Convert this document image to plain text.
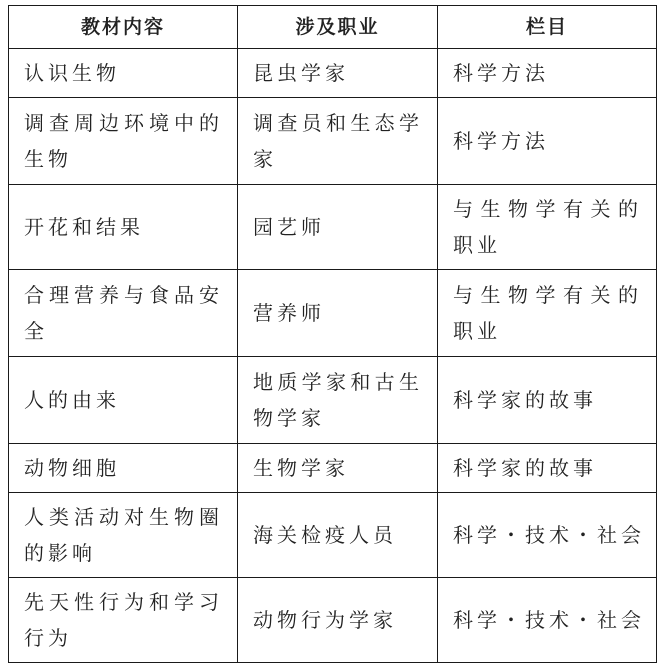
教材内容	涉及职业	栏目
认识生物	昆虫学家	科学方法
调查周边环境中的生物	调查员和生态学家	科学方法
开花和结果	园艺师	与生物学有关的职业
合理营养与食品安全	营养师	与生物学有关的职业
人的由来	地质学家和古生物学家	科学家的故事
动物细胞	生物学家	科学家的故事
人类活动对生物圈的影响	海关检疫人员	科学・技术・社会
先天性行为和学习行为	动物行为学家	科学・技术・社会
